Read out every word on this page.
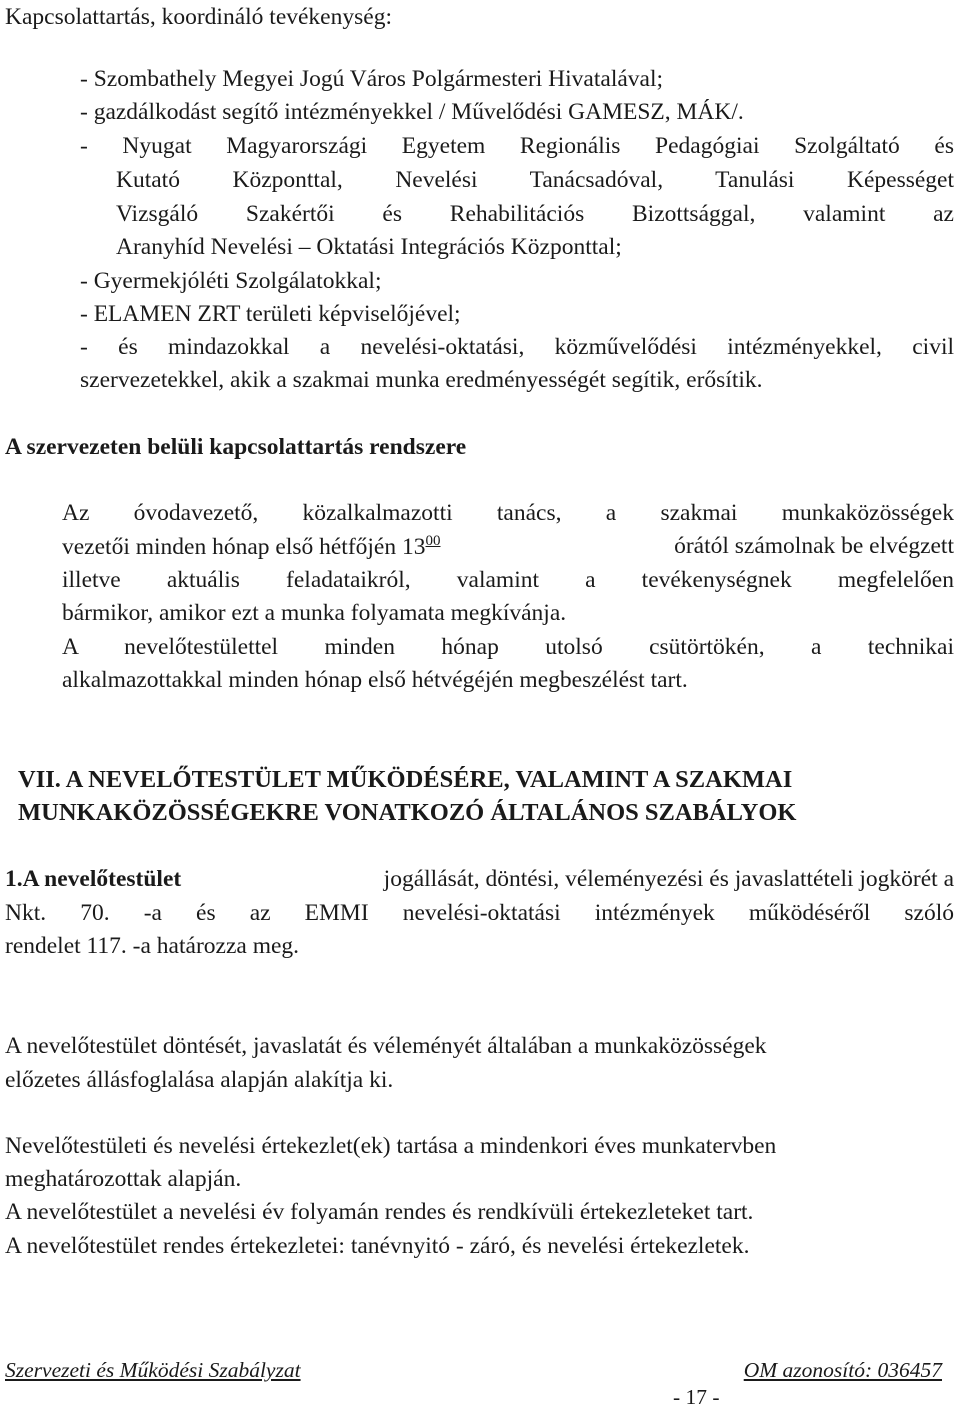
Kapcsolattartás, koordináló tevékenység:
- Szombathely Megyei Jogú Város Polgármesteri Hivatalával;
- gazdálkodást segítő intézményekkel / Művelődési GAMESZ, MÁK/.
- Nyugat Magyarországi Egyetem Regionális Pedagógiai Szolgáltató és
Kutató Központtal, Nevelési Tanácsadóval, Tanulási Képességet
Vizsgáló Szakértői és Rehabilitációs Bizottsággal, valamint az
Aranyhíd Nevelési – Oktatási Integrációs Központtal;
- Gyermekjóléti Szolgálatokkal;
- ELAMEN ZRT területi képviselőjével;
- és mindazokkal a nevelési-oktatási, közművelődési intézményekkel, civil
szervezetekkel, akik a szakmai munka eredményességét segítik, erősítik.
A szervezeten belüli kapcsolattartás rendszere
Az óvodavezető, közalkalmazotti tanács, a szakmai munkaközösségek
vezetői minden hónap első hétfőjén $13^{00}$	órától számolnak be elvégzett
illetve aktuális feladataikról, valamint a tevékenységnek megfelelően
bármikor, amikor ezt a munka folyamata megkívánja.
A nevelőtestülettel minden hónap utolsó csütörtökén, a technikai
alkalmazottakkal minden hónap első hétvégéjén megbeszélést tart.
VII. A NEVELŐTESTÜLET MŰKÖDÉSÉRE, VALAMINT A SZAKMAI
MUNKAKÖZÖSSÉGEKRE VONATKOZÓ ÁLTALÁNOS SZABÁLYOK
1.A nevelőtestület	jogállását, döntési, véleményezési és javaslattételi jogkörét a
Nkt. 70. -a és az EMMI nevelési-oktatási intézmények működéséről szóló
rendelet 117. -a határozza meg.
A nevelőtestület döntését, javaslatát és véleményét általában a munkaközösségek
előzetes állásfoglalása alapján alakítja ki.
Nevelőtestületi és nevelési értekezlet(ek) tartása a mindenkori éves munkatervben
meghatározottak alapján.
A nevelőtestület a nevelési év folyamán rendes és rendkívüli értekezleteket tart.
A nevelőtestület rendes értekezletei: tanévnyitó - záró, és nevelési értekezletek.
Szervezeti és Működési Szabályzat	OM azonosító: 036457
- 17 -
